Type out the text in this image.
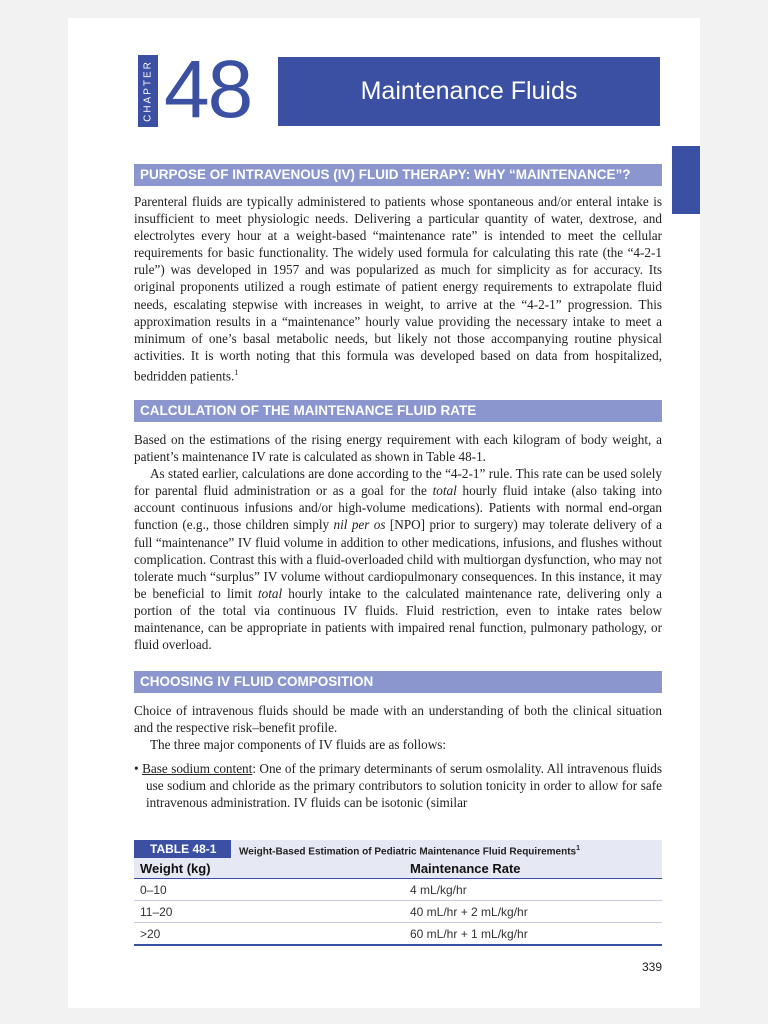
CHAPTER 48	Maintenance Fluids
PURPOSE OF INTRAVENOUS (IV) FLUID THERAPY: WHY “MAINTENANCE”?

Parenteral fluids are typically administered to patients whose spontaneous and/or enteral intake is insufficient to meet physiologic needs. Delivering a particular quantity of water, dextrose, and electrolytes every hour at a weight-based “maintenance rate” is intended to meet the cellular requirements for basic functionality. The widely used formula for calculating this rate (the “4-2-1 rule”) was developed in 1957 and was popularized as much for simplicity as for accuracy. Its original proponents utilized a rough estimate of patient energy requirements to extrapolate fluid needs, escalating stepwise with increases in weight, to arrive at the “4-2-1” progression. This approximation results in a “maintenance” hourly value providing the necessary intake to meet a minimum of one’s basal metabolic needs, but likely not those accompanying routine physical activities. It is worth noting that this formula was developed based on data from hospitalized, bedridden patients.$^1$

CALCULATION OF THE MAINTENANCE FLUID RATE

Based on the estimations of the rising energy requirement with each kilogram of body weight, a patient’s maintenance IV rate is calculated as shown in Table 48-1.

As stated earlier, calculations are done according to the “4-2-1” rule. This rate can be used solely for parental fluid administration or as a goal for the total hourly fluid intake (also taking into account continuous infusions and/or high-volume medications). Patients with normal end-organ function (e.g., those children simply nil per os [NPO] prior to surgery) may tolerate delivery of a full “maintenance” IV fluid volume in addition to other medications, infusions, and flushes without complication. Contrast this with a fluid-overloaded child with multiorgan dysfunction, who may not tolerate much “surplus” IV volume without cardiopulmonary consequences. In this instance, it may be beneficial to limit total hourly intake to the calculated maintenance rate, delivering only a portion of the total via continuous IV fluids. Fluid restriction, even to intake rates below maintenance, can be appropriate in patients with impaired renal function, pulmonary pathology, or fluid overload.

CHOOSING IV FLUID COMPOSITION

Choice of intravenous fluids should be made with an understanding of both the clinical situation and the respective risk–benefit profile.

The three major components of IV fluids are as follows:

• Base sodium content: One of the primary determinants of serum osmolality. All intravenous fluids use sodium and chloride as the primary contributors to solution tonicity in order to allow for safe intravenous administration. IV fluids can be isotonic (similar

TABLE 48-1	Weight-Based Estimation of Pediatric Maintenance Fluid Requirements$^1$
Weight (kg)	Maintenance Rate
0–10	4 mL/kg/hr
11–20	40 mL/hr + 2 mL/kg/hr
>20	60 mL/hr + 1 mL/kg/hr
339
